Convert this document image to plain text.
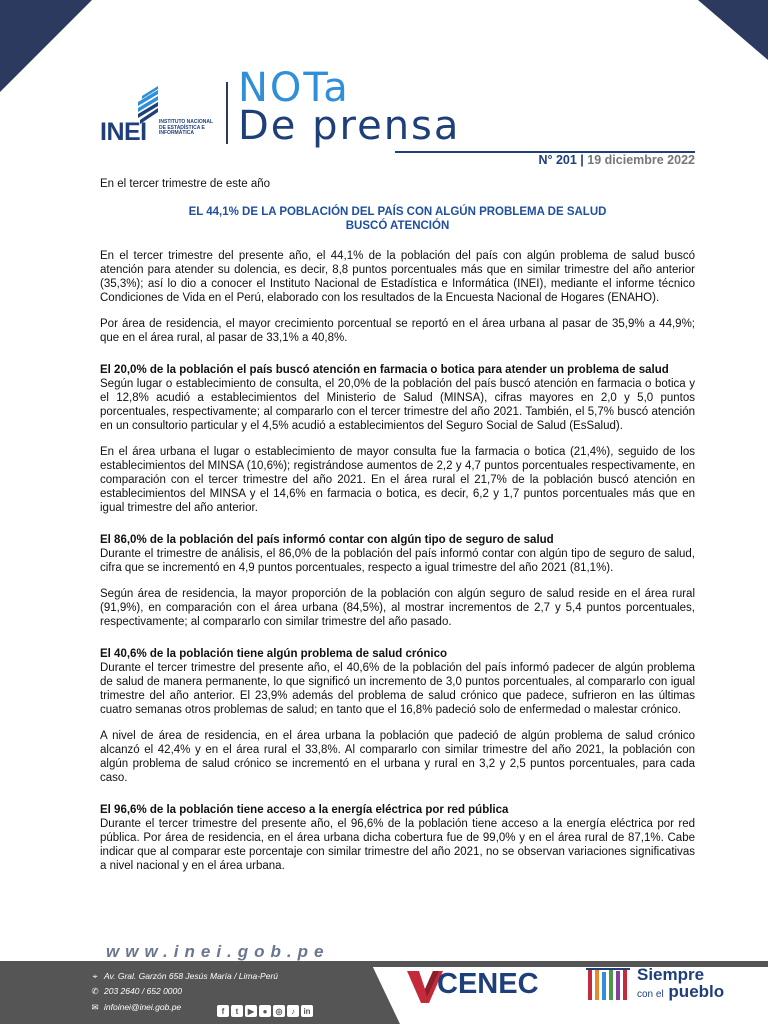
INEI INSTITUTO NACIONAL DE ESTADÍSTICA E INFORMÁTICA
NOTa
De prensa
N° 201 | 19 diciembre 2022

En el tercer trimestre de este año

EL 44,1% DE LA POBLACIÓN DEL PAÍS CON ALGÚN PROBLEMA DE SALUD
BUSCÓ ATENCIÓN

En el tercer trimestre del presente año, el 44,1% de la población del país con algún problema de salud buscó atención para atender su dolencia, es decir, 8,8 puntos porcentuales más que en similar trimestre del año anterior (35,3%); así lo dio a conocer el Instituto Nacional de Estadística e Informática (INEI), mediante el informe técnico Condiciones de Vida en el Perú, elaborado con los resultados de la Encuesta Nacional de Hogares (ENAHO).

Por área de residencia, el mayor crecimiento porcentual se reportó en el área urbana al pasar de 35,9% a 44,9%; que en el área rural, al pasar de 33,1% a 40,8%.

El 20,0% de la población el país buscó atención en farmacia o botica para atender un problema de salud

Según lugar o establecimiento de consulta, el 20,0% de la población del país buscó atención en farmacia o botica y el 12,8% acudió a establecimientos del Ministerio de Salud (MINSA), cifras mayores en 2,0 y 5,0 puntos porcentuales, respectivamente; al compararlo con el tercer trimestre del año 2021. También, el 5,7% buscó atención en un consultorio particular y el 4,5% acudió a establecimientos del Seguro Social de Salud (EsSalud).

En el área urbana el lugar o establecimiento de mayor consulta fue la farmacia o botica (21,4%), seguido de los establecimientos del MINSA (10,6%); registrándose aumentos de 2,2 y 4,7 puntos porcentuales respectivamente, en comparación con el tercer trimestre del año 2021. En el área rural el 21,7% de la población buscó atención en establecimientos del MINSA y el 14,6% en farmacia o botica, es decir, 6,2 y 1,7 puntos porcentuales más que en igual trimestre del año anterior.

El 86,0% de la población del país informó contar con algún tipo de seguro de salud

Durante el trimestre de análisis, el 86,0% de la población del país informó contar con algún tipo de seguro de salud, cifra que se incrementó en 4,9 puntos porcentuales, respecto a igual trimestre del año 2021 (81,1%).

Según área de residencia, la mayor proporción de la población con algún seguro de salud reside en el área rural (91,9%), en comparación con el área urbana (84,5%), al mostrar incrementos de 2,7 y 5,4 puntos porcentuales, respectivamente; al compararlo con similar trimestre del año pasado.

El 40,6% de la población tiene algún problema de salud crónico

Durante el tercer trimestre del presente año, el 40,6% de la población del país informó padecer de algún problema de salud de manera permanente, lo que significó un incremento de 3,0 puntos porcentuales, al compararlo con igual trimestre del año anterior. El 23,9% además del problema de salud crónico que padece, sufrieron en las últimas cuatro semanas otros problemas de salud; en tanto que el 16,8% padeció solo de enfermedad o malestar crónico.

A nivel de área de residencia, en el área urbana la población que padeció de algún problema de salud crónico alcanzó el 42,4% y en el área rural el 33,8%. Al compararlo con similar trimestre del año 2021, la población con algún problema de salud crónico se incrementó en el urbana y rural en 3,2 y 2,5 puntos porcentuales, para cada caso.

El 96,6% de la población tiene acceso a la energía eléctrica por red pública

Durante el tercer trimestre del presente año, el 96,6% de la población tiene acceso a la energía eléctrica por red pública. Por área de residencia, en el área urbana dicha cobertura fue de 99,0% y en el área rural de 87,1%. Cabe indicar que al comparar este porcentaje con similar trimestre del año 2021, no se observan variaciones significativas a nivel nacional y en el área urbana.

www.inei.gob.pe
⌖ Av. Gral. Garzón 658 Jesús María / Lima-Perú
✆ 203 2640 / 652 0000
✉ infoinei@inei.gob.pe	f	t	▶	●	◎	♪	in
CENEC	Siempre
con el pueblo
